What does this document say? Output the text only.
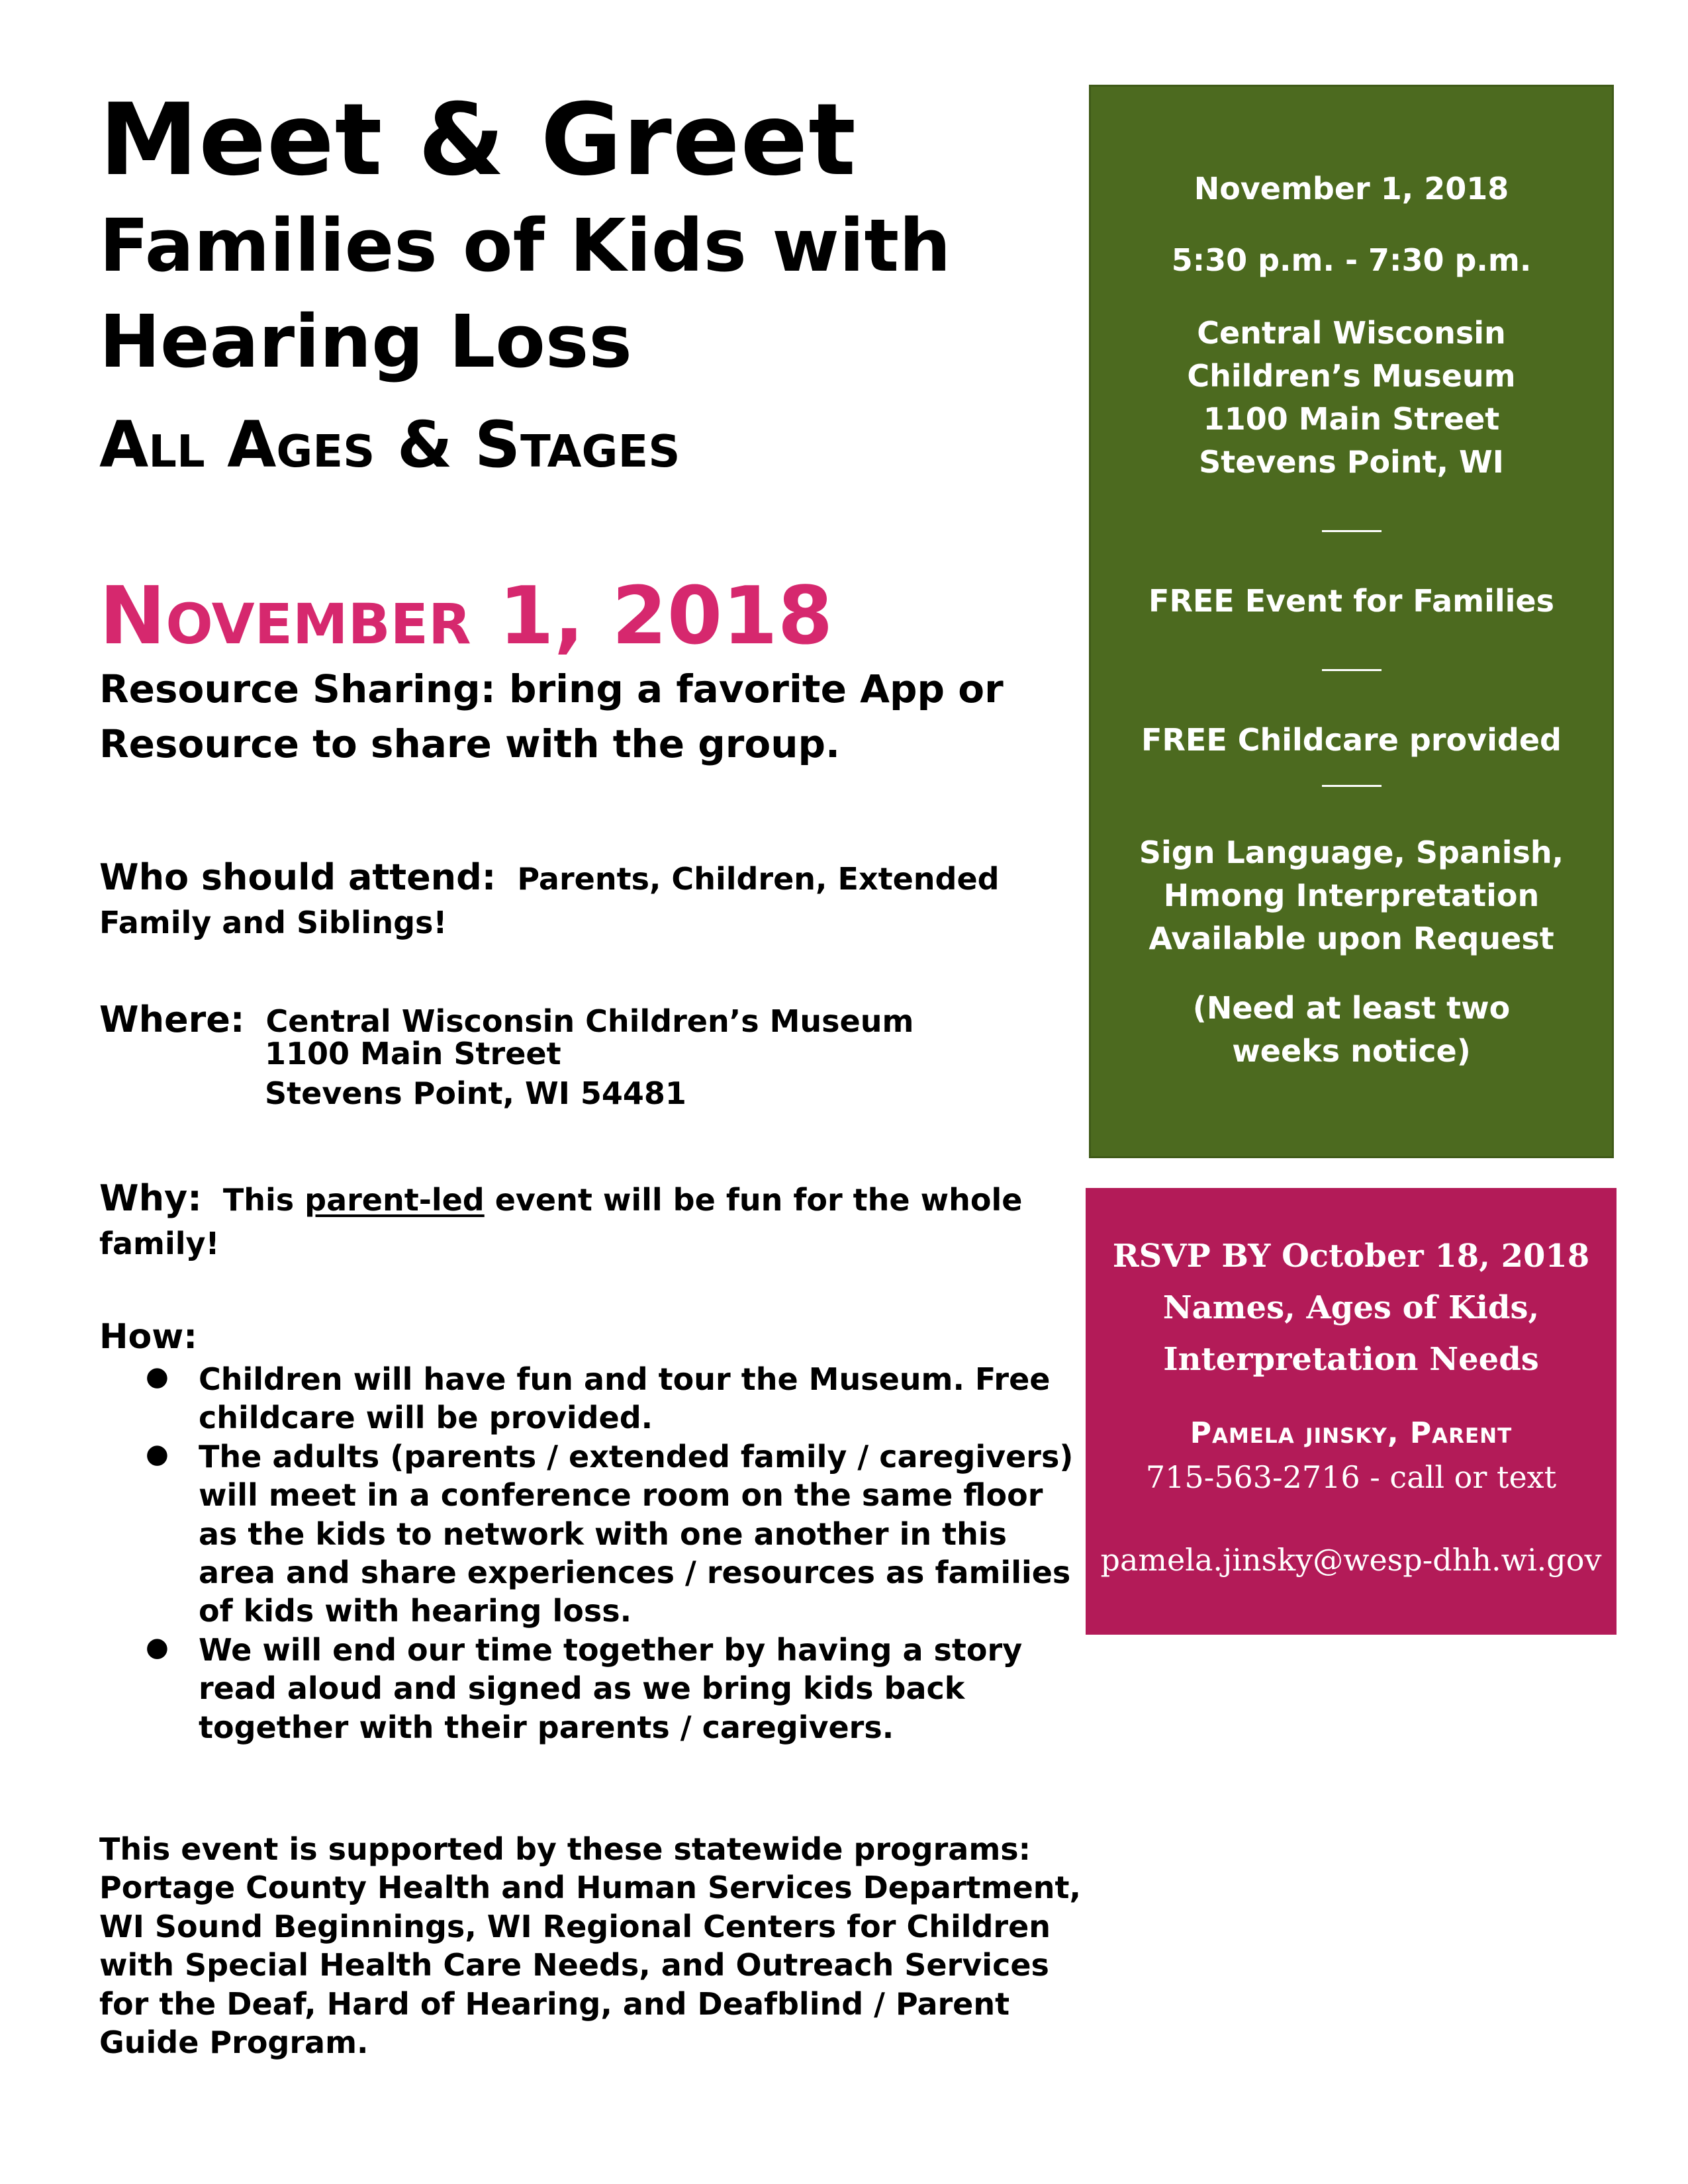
Meet & Greet
Families of Kids with
Hearing Loss
All Ages & Stages
November 1, 2018
Resource Sharing: bring a favorite App or Resource to share with the group.

Who should attend: Parents, Children, Extended Family and Siblings!

Where: Central Wisconsin Children’s Museum

1100 Main Street
Stevens Point, WI 54481

Why: This parent-led event will be fun for the whole family!

How:
● Children will have fun and tour the Museum. Free childcare will be provided.
● The adults (parents / extended family / caregivers) will meet in a conference room on the same floor as the kids to network with one another in this area and share experiences / resources as families of kids with hearing loss.
● We will end our time together by having a story read aloud and signed as we bring kids back together with their parents / caregivers.

This event is supported by these statewide programs: Portage County Health and Human Services Department, WI Sound Beginnings, WI Regional Centers for Children with Special Health Care Needs, and Outreach Services for the Deaf, Hard of Hearing, and Deafblind / Parent Guide Program.

November 1, 2018

5:30 p.m. - 7:30 p.m.

Central Wisconsin

Children’s Museum

1100 Main Street

Stevens Point, WI

FREE Event for Families

FREE Childcare provided

Sign Language, Spanish,

Hmong Interpretation

Available upon Request

(Need at least two

weeks notice)

RSVP BY October 18, 2018

Names, Ages of Kids,

Interpretation Needs

Pamela jinsky, Parent

715-563-2716 - call or text

pamela.jinsky@wesp-dhh.wi.gov
